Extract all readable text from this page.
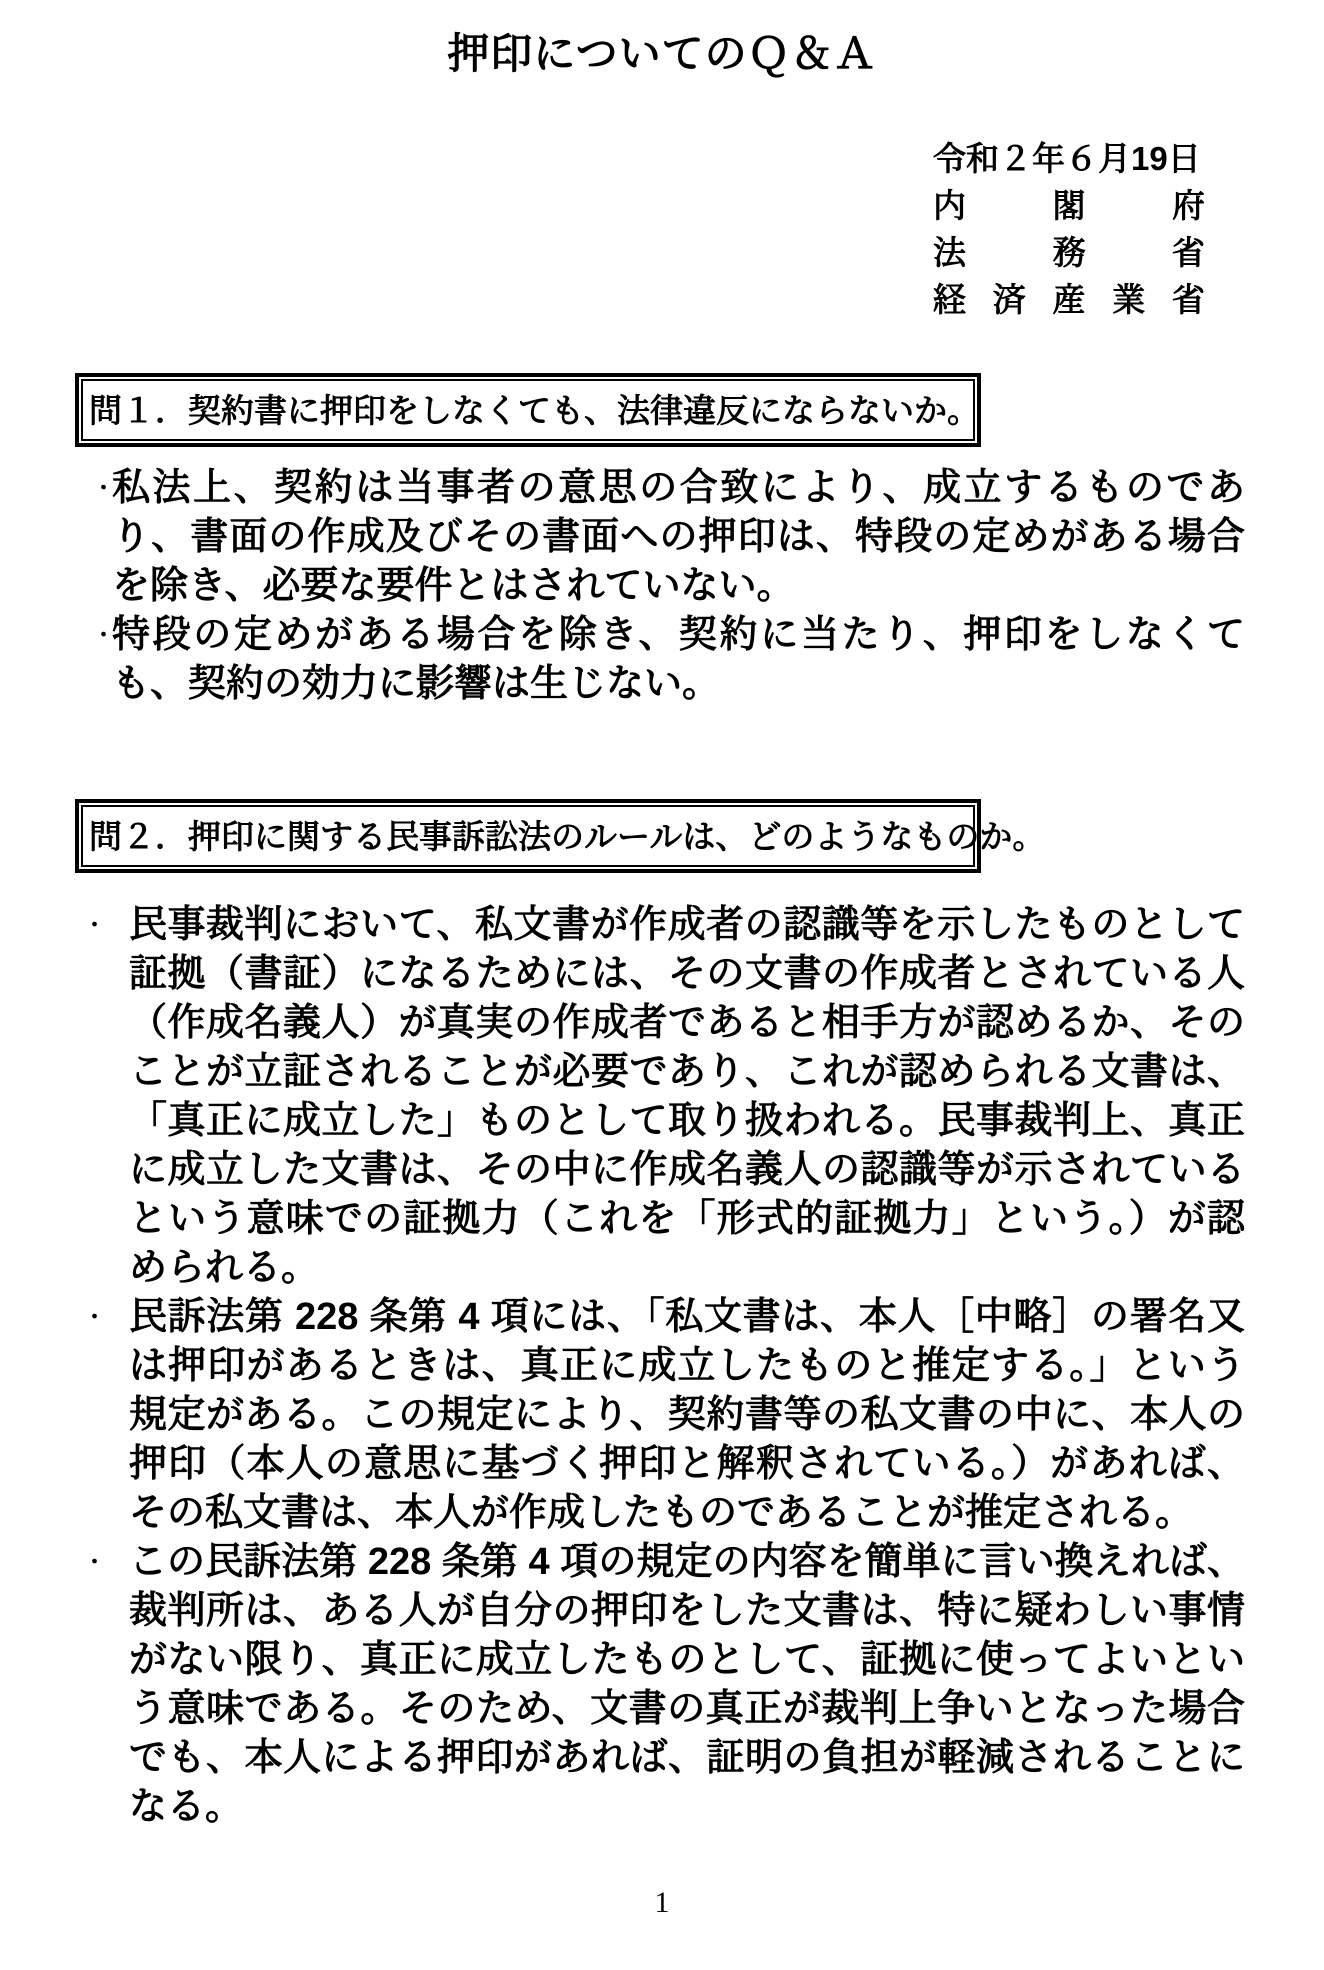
押印についてのＱ＆Ａ
令和２年６月19日
内	閣	府
法	務	省
経 済 産 業 省
問１．契約書に押印をしなくても、法律違反にならないか。
・
私法上、契約は当事者の意思の合致により、成立するものであり、書面の作成及びその書面への押印は、特段の定めがある場合を除き、必要な要件とはされていない。
・
特段の定めがある場合を除き、契約に当たり、押印をしなくても、契約の効力に影響は生じない。
問２．押印に関する民事訴訟法のルールは、どのようなものか。
・ 民事裁判において、私文書が作成者の認識等を示したものとして証拠（書証）になるためには、その文書の作成者とされている人（作成名義人）が真実の作成者であると相手方が認めるか、そのことが立証されることが必要であり、これが認められる文書は、「真正に成立した」ものとして取り扱われる。民事裁判上、真正に成立した文書は、その中に作成名義人の認識等が示されているという意味での証拠力（これを「形式的証拠力」という。）が認められる。
・ 民訴法第 228 条第 4 項には、「私文書は、本人［中略］の署名又は押印があるときは、真正に成立したものと推定する。」という規定がある。この規定により、契約書等の私文書の中に、本人の押印（本人の意思に基づく押印と解釈されている。）があれば、その私文書は、本人が作成したものであることが推定される。
・ この民訴法第 228 条第 4 項の規定の内容を簡単に言い換えれば、裁判所は、ある人が自分の押印をした文書は、特に疑わしい事情がない限り、真正に成立したものとして、証拠に使ってよいという意味である。そのため、文書の真正が裁判上争いとなった場合でも、本人による押印があれば、証明の負担が軽減されることになる。
1
